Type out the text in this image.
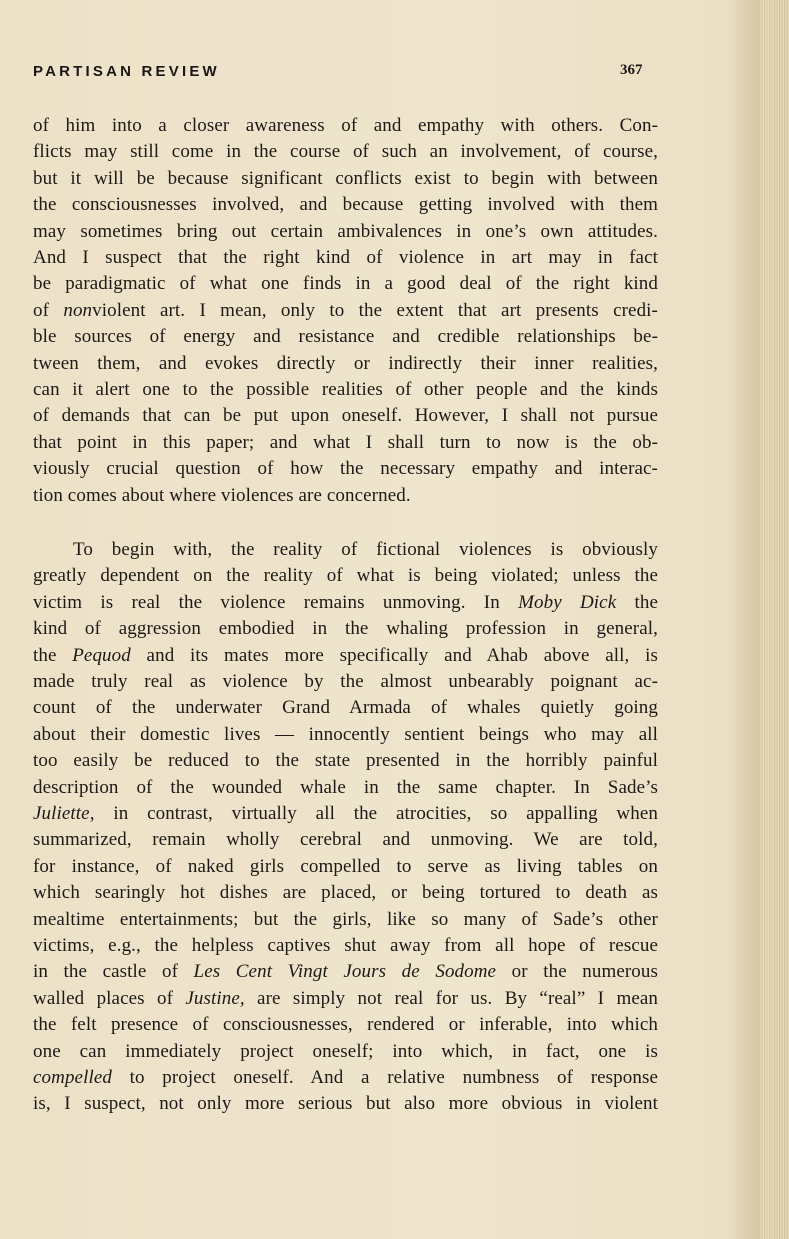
PARTISAN REVIEW	367
of him into a closer awareness of and empathy with others. Con-
flicts may still come in the course of such an involvement, of course,
but it will be because significant conflicts exist to begin with between
the consciousnesses involved, and because getting involved with them
may sometimes bring out certain ambivalences in one’s own attitudes.
And I suspect that the right kind of violence in art may in fact
be paradigmatic of what one finds in a good deal of the right kind
of nonviolent art. I mean, only to the extent that art presents credi-
ble sources of energy and resistance and credible relationships be-
tween them, and evokes directly or indirectly their inner realities,
can it alert one to the possible realities of other people and the kinds
of demands that can be put upon oneself. However, I shall not pursue
that point in this paper; and what I shall turn to now is the ob-
viously crucial question of how the necessary empathy and interac-
tion comes about where violences are concerned.
To begin with, the reality of fictional violences is obviously
greatly dependent on the reality of what is being violated; unless the
victim is real the violence remains unmoving. In Moby Dick the
kind of aggression embodied in the whaling profession in general,
the Pequod and its mates more specifically and Ahab above all, is
made truly real as violence by the almost unbearably poignant ac-
count of the underwater Grand Armada of whales quietly going
about their domestic lives — innocently sentient beings who may all
too easily be reduced to the state presented in the horribly painful
description of the wounded whale in the same chapter. In Sade’s
Juliette, in contrast, virtually all the atrocities, so appalling when
summarized, remain wholly cerebral and unmoving. We are told,
for instance, of naked girls compelled to serve as living tables on
which searingly hot dishes are placed, or being tortured to death as
mealtime entertainments; but the girls, like so many of Sade’s other
victims, e.g., the helpless captives shut away from all hope of rescue
in the castle of Les Cent Vingt Jours de Sodome or the numerous
walled places of Justine, are simply not real for us. By “real” I mean
the felt presence of consciousnesses, rendered or inferable, into which
one can immediately project oneself; into which, in fact, one is
compelled to project oneself. And a relative numbness of response
is, I suspect, not only more serious but also more obvious in violent
